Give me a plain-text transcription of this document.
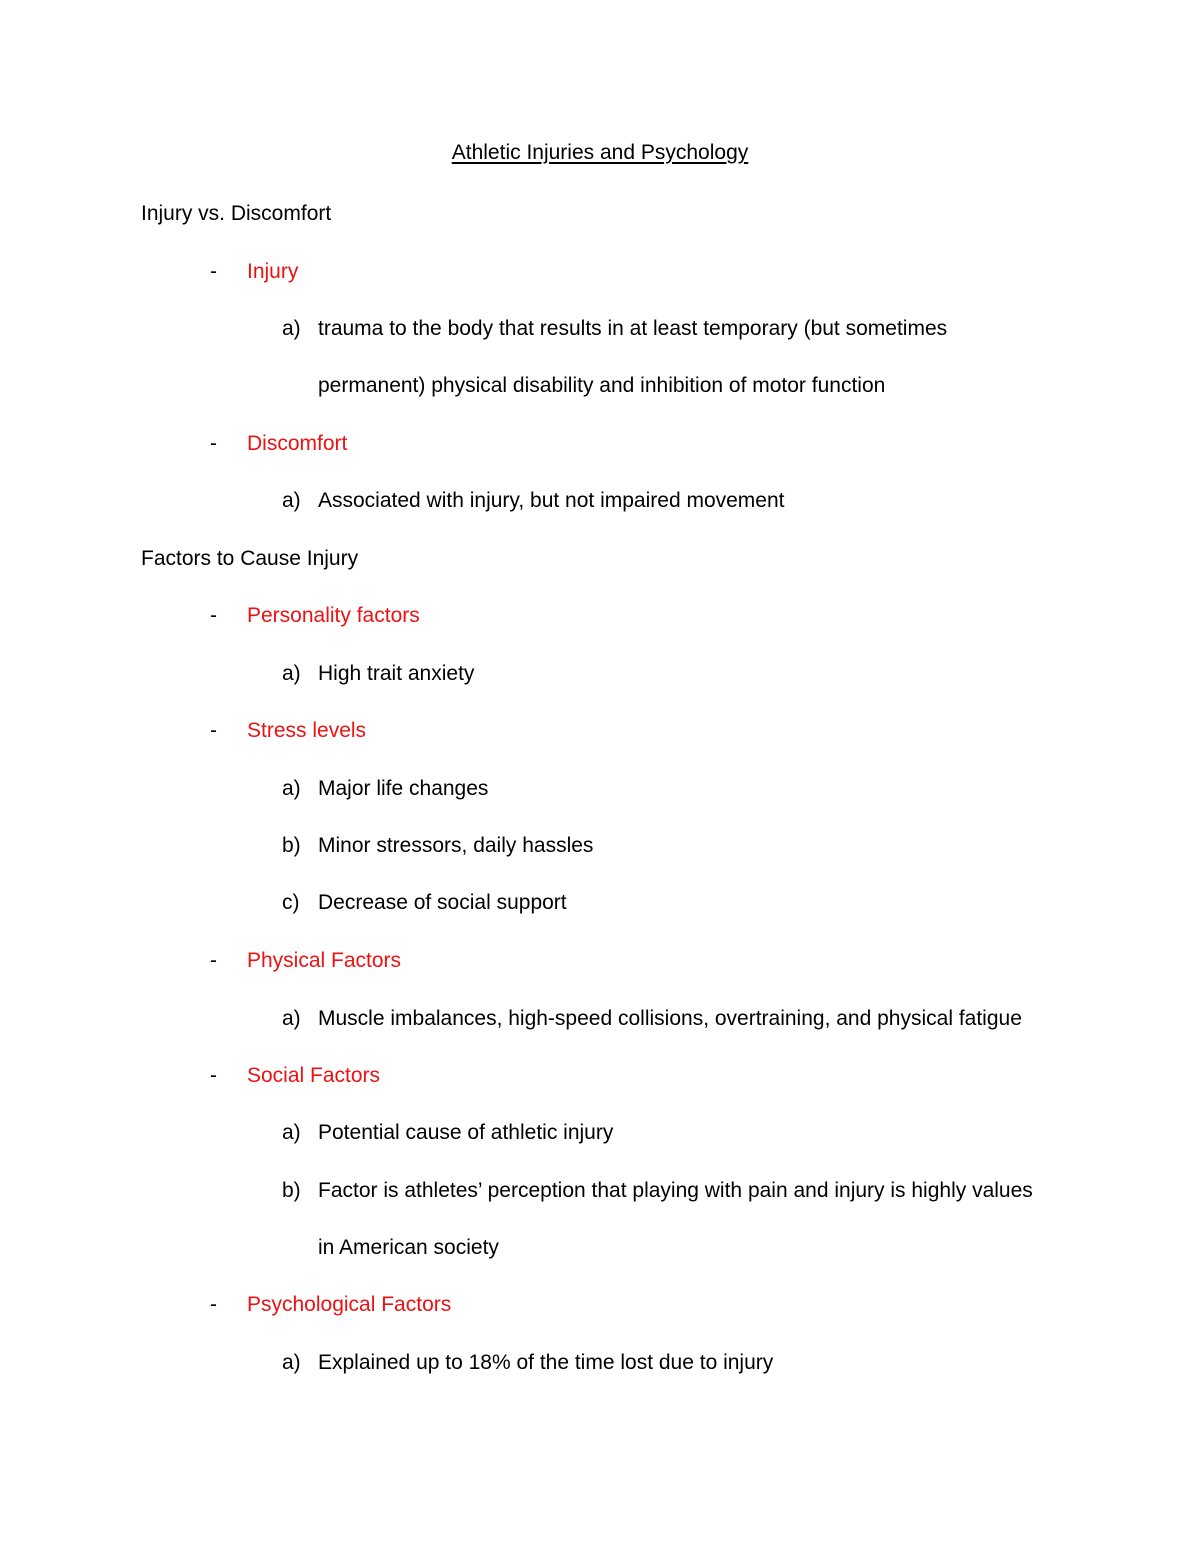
Athletic Injuries and Psychology
Injury vs. Discomfort
- Injury
a) trauma to the body that results in at least temporary (but sometimes
permanent) physical disability and inhibition of motor function
- Discomfort
a) Associated with injury, but not impaired movement
Factors to Cause Injury
- Personality factors
a) High trait anxiety
- Stress levels
a) Major life changes
b) Minor stressors, daily hassles
c) Decrease of social support
- Physical Factors
a) Muscle imbalances, high-speed collisions, overtraining, and physical fatigue
- Social Factors
a) Potential cause of athletic injury
b) Factor is athletes’ perception that playing with pain and injury is highly values
in American society
- Psychological Factors
a) Explained up to 18% of the time lost due to injury
